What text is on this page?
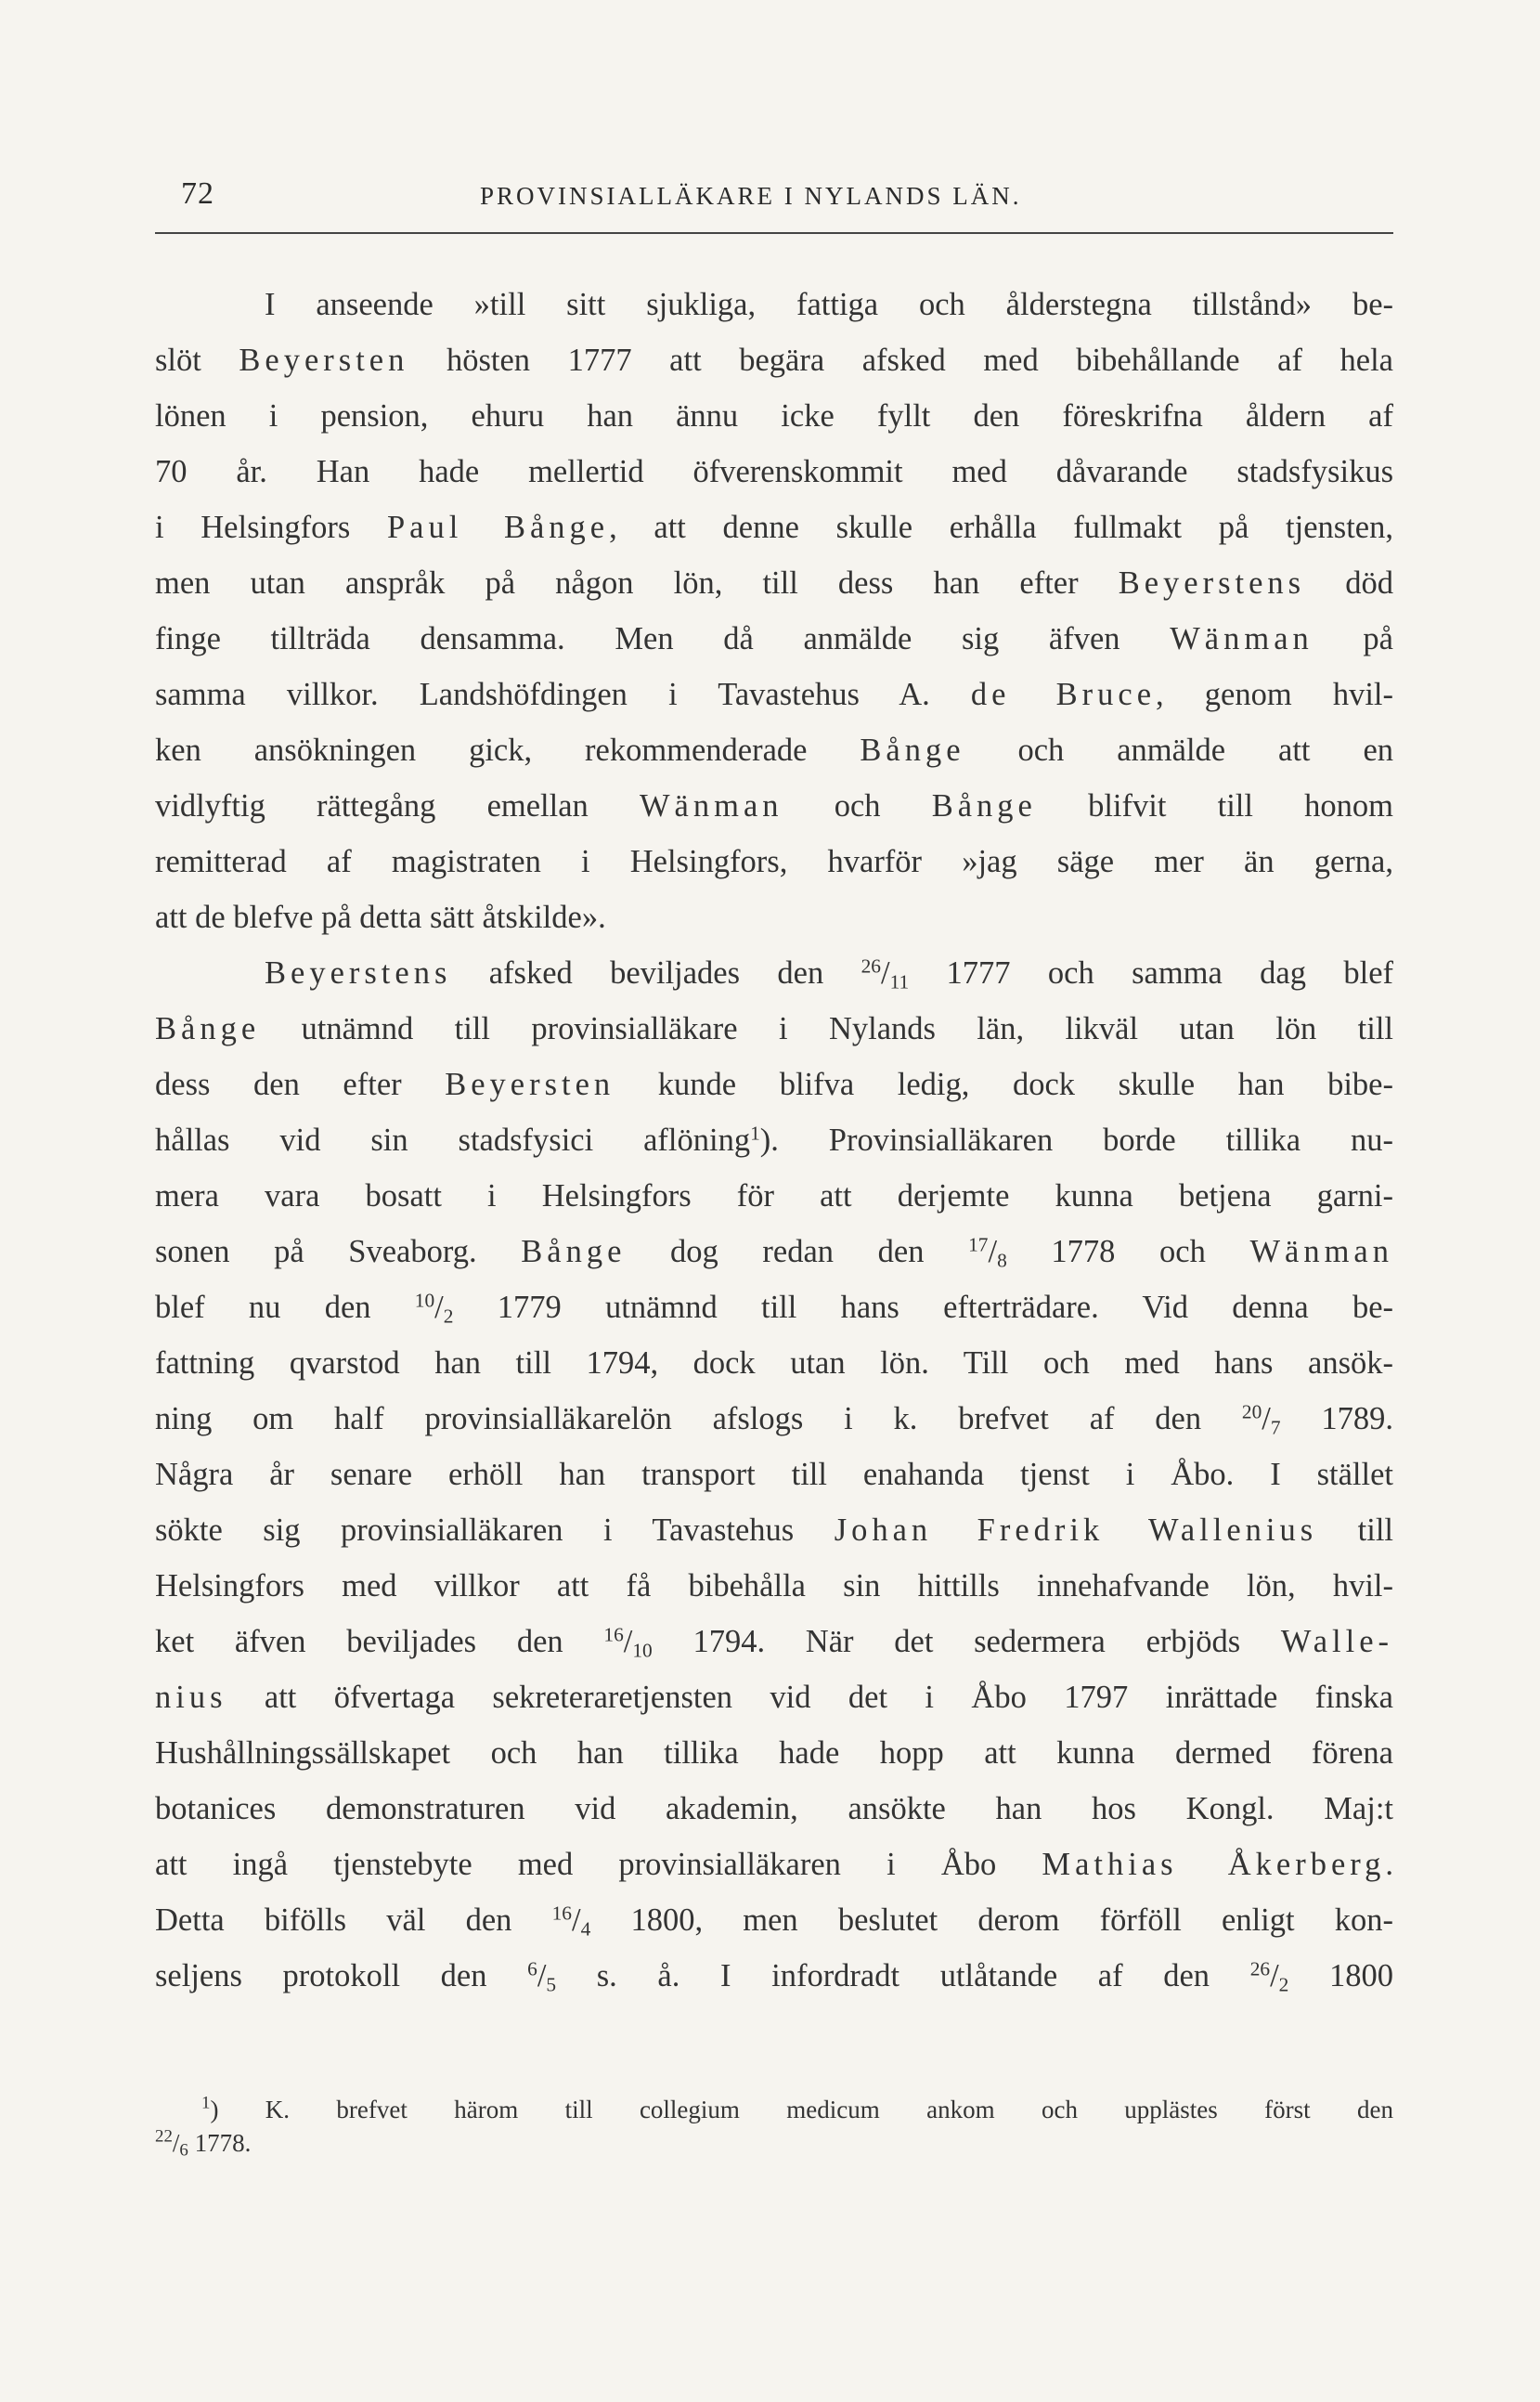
72	PROVINSIALLÄKARE I NYLANDS LÄN.
I anseende »till sitt sjukliga, fattiga och ålderstegna tillstånd» be-
slöt Beyersten hösten 1777 att begära afsked med bibehållande af hela
lönen i pension, ehuru han ännu icke fyllt den föreskrifna åldern af
70 år. Han hade mellertid öfverenskommit med dåvarande stadsfysikus
i Helsingfors Paul Bånge, att denne skulle erhålla fullmakt på tjensten,
men utan anspråk på någon lön, till dess han efter Beyerstens död
finge tillträda densamma. Men då anmälde sig äfven Wänman på
samma villkor. Landshöfdingen i Tavastehus A. de Bruce, genom hvil-
ken ansökningen gick, rekommenderade Bånge och anmälde att en
vidlyftig rättegång emellan Wänman och Bånge blifvit till honom
remitterad af magistraten i Helsingfors, hvarför »jag säge mer än gerna,
att de blefve på detta sätt åtskilde».
Beyerstens afsked beviljades den $^{26}/_{11}$ 1777 och samma dag blef
Bånge utnämnd till provinsialläkare i Nylands län, likväl utan lön till
dess den efter Beyersten kunde blifva ledig, dock skulle han bibe-
hållas vid sin stadsfysici aflöning$^1$). Provinsialläkaren borde tillika nu-
mera vara bosatt i Helsingfors för att derjemte kunna betjena garni-
sonen på Sveaborg. Bånge dog redan den $^{17}/_8$ 1778 och Wänman
blef nu den $^{10}/_2$ 1779 utnämnd till hans efterträdare. Vid denna be-
fattning qvarstod han till 1794, dock utan lön. Till och med hans ansök-
ning om half provinsialläkarelön afslogs i k. brefvet af den $^{20}/_7$ 1789.
Några år senare erhöll han transport till enahanda tjenst i Åbo. I stället
sökte sig provinsialläkaren i Tavastehus Johan Fredrik Wallenius till
Helsingfors med villkor att få bibehålla sin hittills innehafvande lön, hvil-
ket äfven beviljades den $^{16}/_{10}$ 1794. När det sedermera erbjöds Walle-
nius att öfvertaga sekreteraretjensten vid det i Åbo 1797 inrättade finska
Hushållningssällskapet och han tillika hade hopp att kunna dermed förena
botanices demonstraturen vid akademin, ansökte han hos Kongl. Maj:t
att ingå tjenstebyte med provinsialläkaren i Åbo Mathias Åkerberg.
Detta bifölls väl den $^{16}/_4$ 1800, men beslutet derom förföll enligt kon-
seljens protokoll den $^6/_5$ s. å. I infordradt utlåtande af den $^{26}/_2$ 1800
$^1$) K. brefvet härom till collegium medicum ankom och upplästes först den
$^{22}/_6$ 1778.
